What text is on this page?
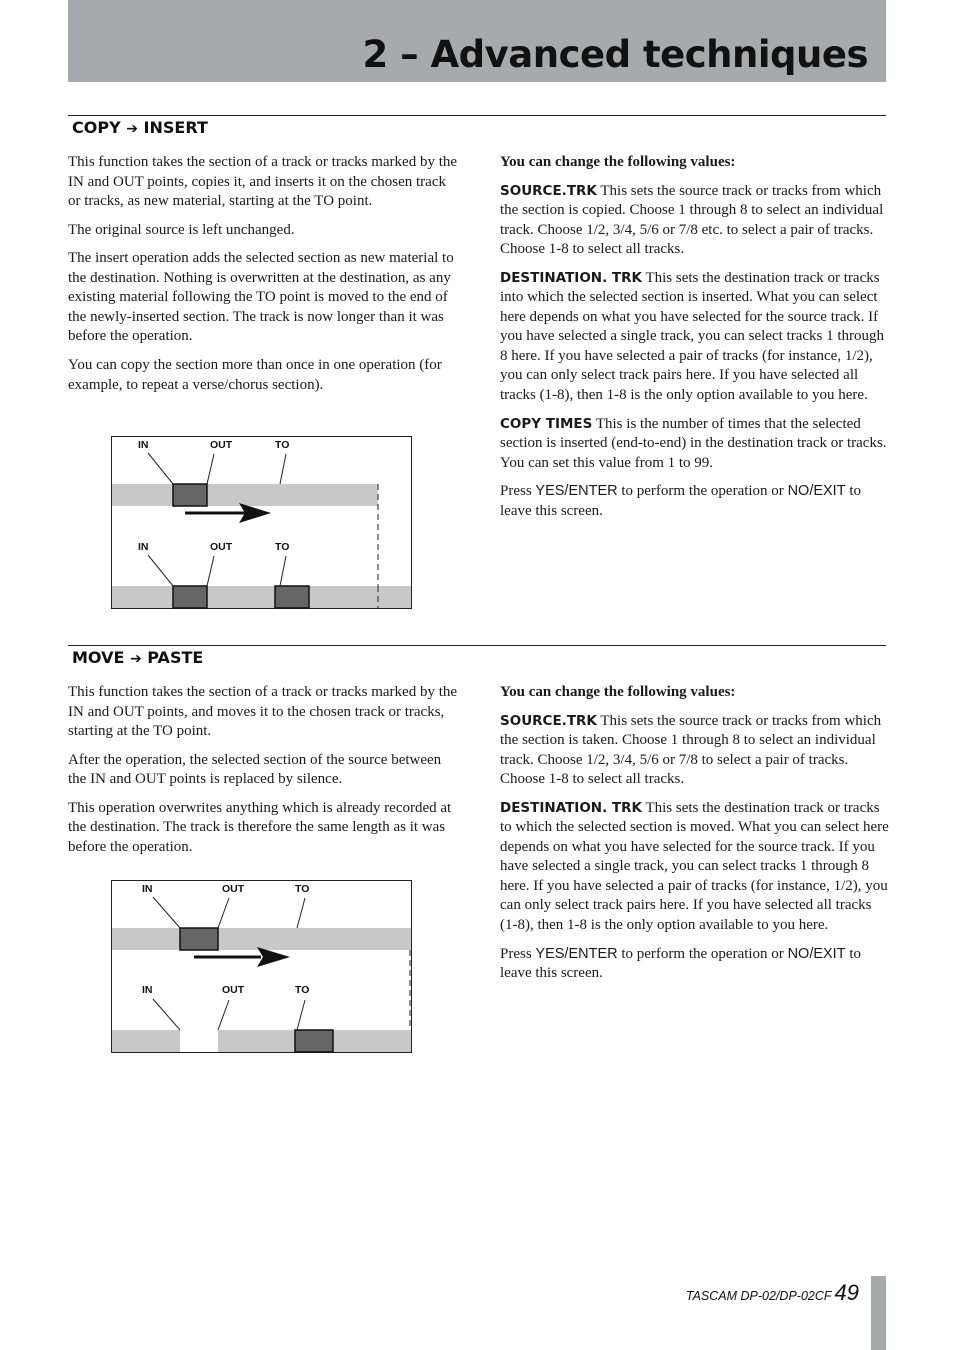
2 – Advanced techniques
COPY ➔ INSERT

This function takes the section of a track or tracks marked by the IN and OUT points, copies it, and inserts it on the chosen track or tracks, as new material, starting at the TO point.

The original source is left unchanged.

The insert operation adds the selected section as new material to the destination. Nothing is overwritten at the destination, as any existing material following the TO point is moved to the end of the newly-inserted section. The track is now longer than it was before the operation.

You can copy the section more than once in one operation (for example, to repeat a verse/chorus section).

IN	OUT	TO
IN	OUT	TO

You can change the following values:

SOURCE.TRK This sets the source track or tracks from which the section is copied. Choose 1 through 8 to select an individual track. Choose 1/2, 3/4, 5/6 or 7/8 etc. to select a pair of tracks. Choose 1-8 to select all tracks.

DESTINATION. TRK This sets the destination track or tracks into which the selected section is inserted. What you can select here depends on what you have selected for the source track. If you have selected a single track, you can select tracks 1 through 8 here. If you have selected a pair of tracks (for instance, 1/2), you can only select track pairs here. If you have selected all tracks (1-8), then 1-8 is the only option available to you here.

COPY TIMES This is the number of times that the selected section is inserted (end-to-end) in the destination track or tracks. You can set this value from 1 to 99.

Press YES/ENTER to perform the operation or NO/EXIT to leave this screen.

MOVE ➔ PASTE

This function takes the section of a track or tracks marked by the IN and OUT points, and moves it to the chosen track or tracks, starting at the TO point.

After the operation, the selected section of the source between the IN and OUT points is replaced by silence.

This operation overwrites anything which is already recorded at the destination. The track is therefore the same length as it was before the operation.

IN	OUT	TO
IN	OUT	TO

You can change the following values:

SOURCE.TRK This sets the source track or tracks from which the section is taken. Choose 1 through 8 to select an individual track. Choose 1/2, 3/4, 5/6 or 7/8 to select a pair of tracks. Choose 1-8 to select all tracks.

DESTINATION. TRK This sets the destination track or tracks to which the selected section is moved. What you can select here depends on what you have selected for the source track. If you have selected a single track, you can select tracks 1 through 8 here. If you have selected a pair of tracks (for instance, 1/2), you can only select track pairs here. If you have selected all tracks (1-8), then 1-8 is the only option available to you here.

Press YES/ENTER to perform the operation or NO/EXIT to leave this screen.

TASCAM DP-02/DP-02CF 49
